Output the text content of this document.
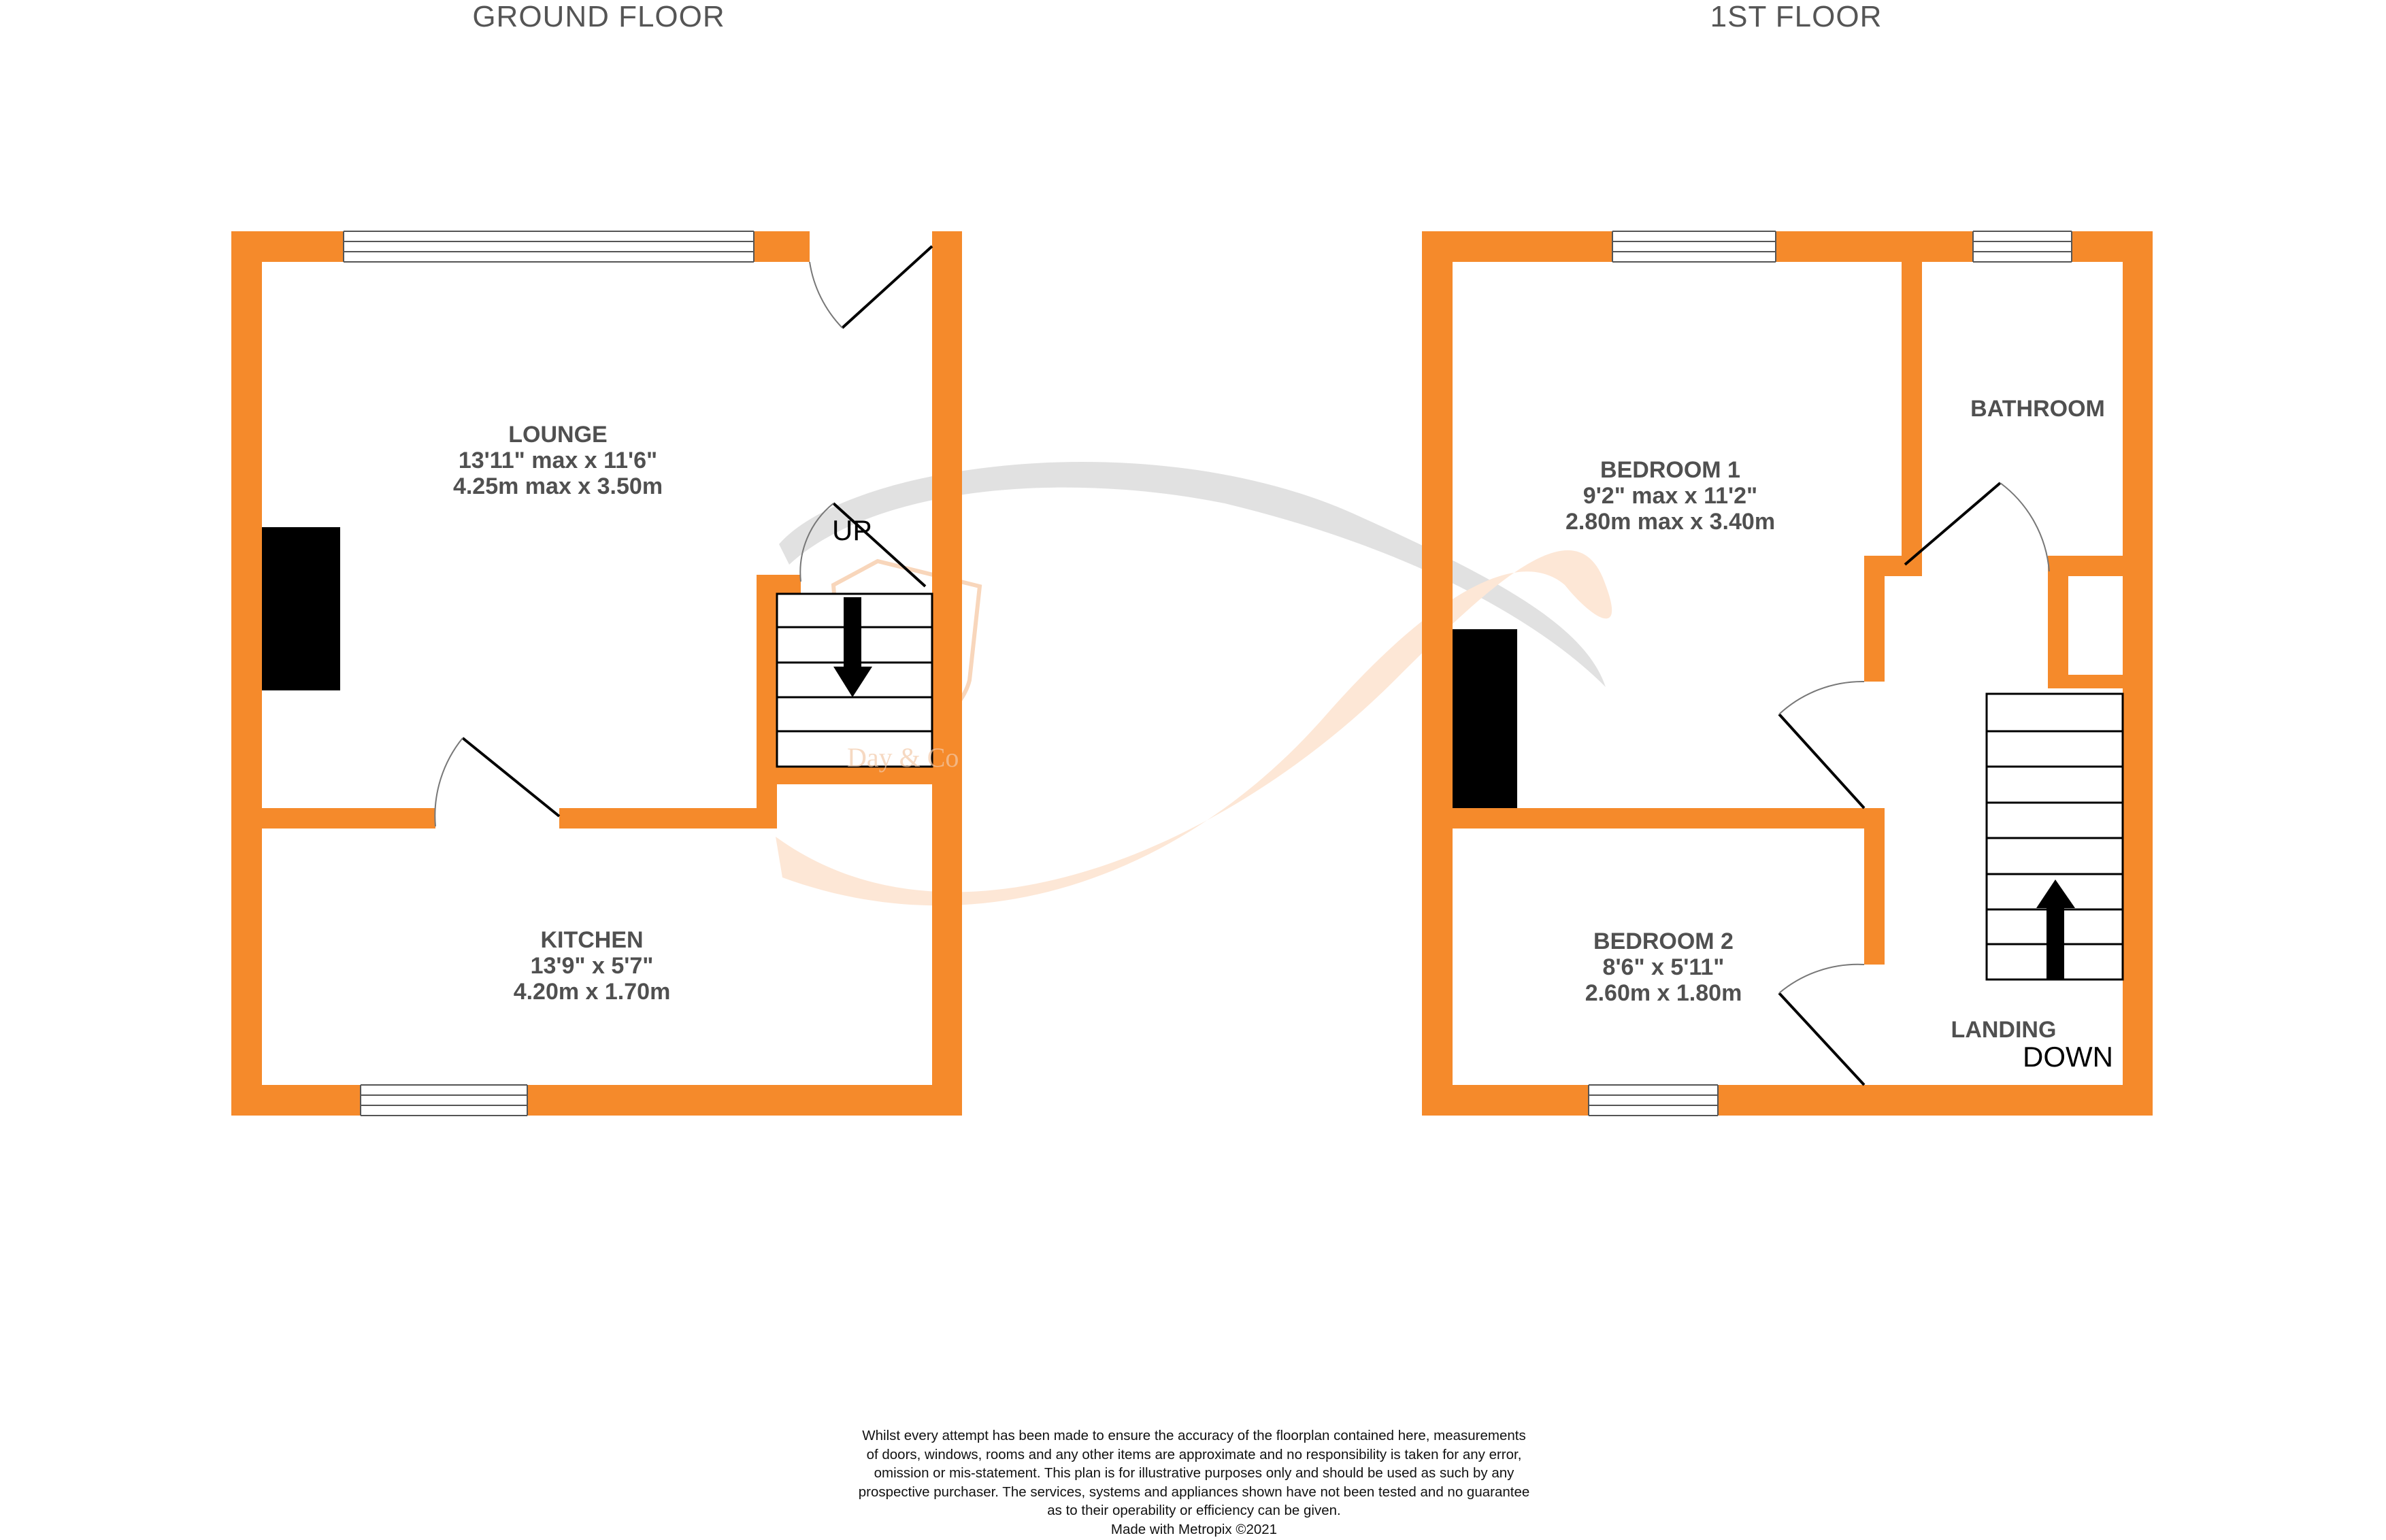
GROUND FLOOR	1ST FLOOR
LOUNGE
13'11" max x 11'6"
4.25m max x 3.50m
KITCHEN
13'9" x 5'7"
4.20m x 1.70m
UP
BEDROOM 1
9'2" max x 11'2"
2.80m max x 3.40m
BATHROOM
BEDROOM 2
8'6" x 5'11"
2.60m x 1.80m
LANDING
DOWN
Day & Co
Whilst every attempt has been made to ensure the accuracy of the floorplan contained here, measurements
of doors, windows, rooms and any other items are approximate and no responsibility is taken for any error,
omission or mis-statement. This plan is for illustrative purposes only and should be used as such by any
prospective purchaser. The services, systems and appliances shown have not been tested and no guarantee
as to their operability or efficiency can be given.
Made with Metropix ©2021
